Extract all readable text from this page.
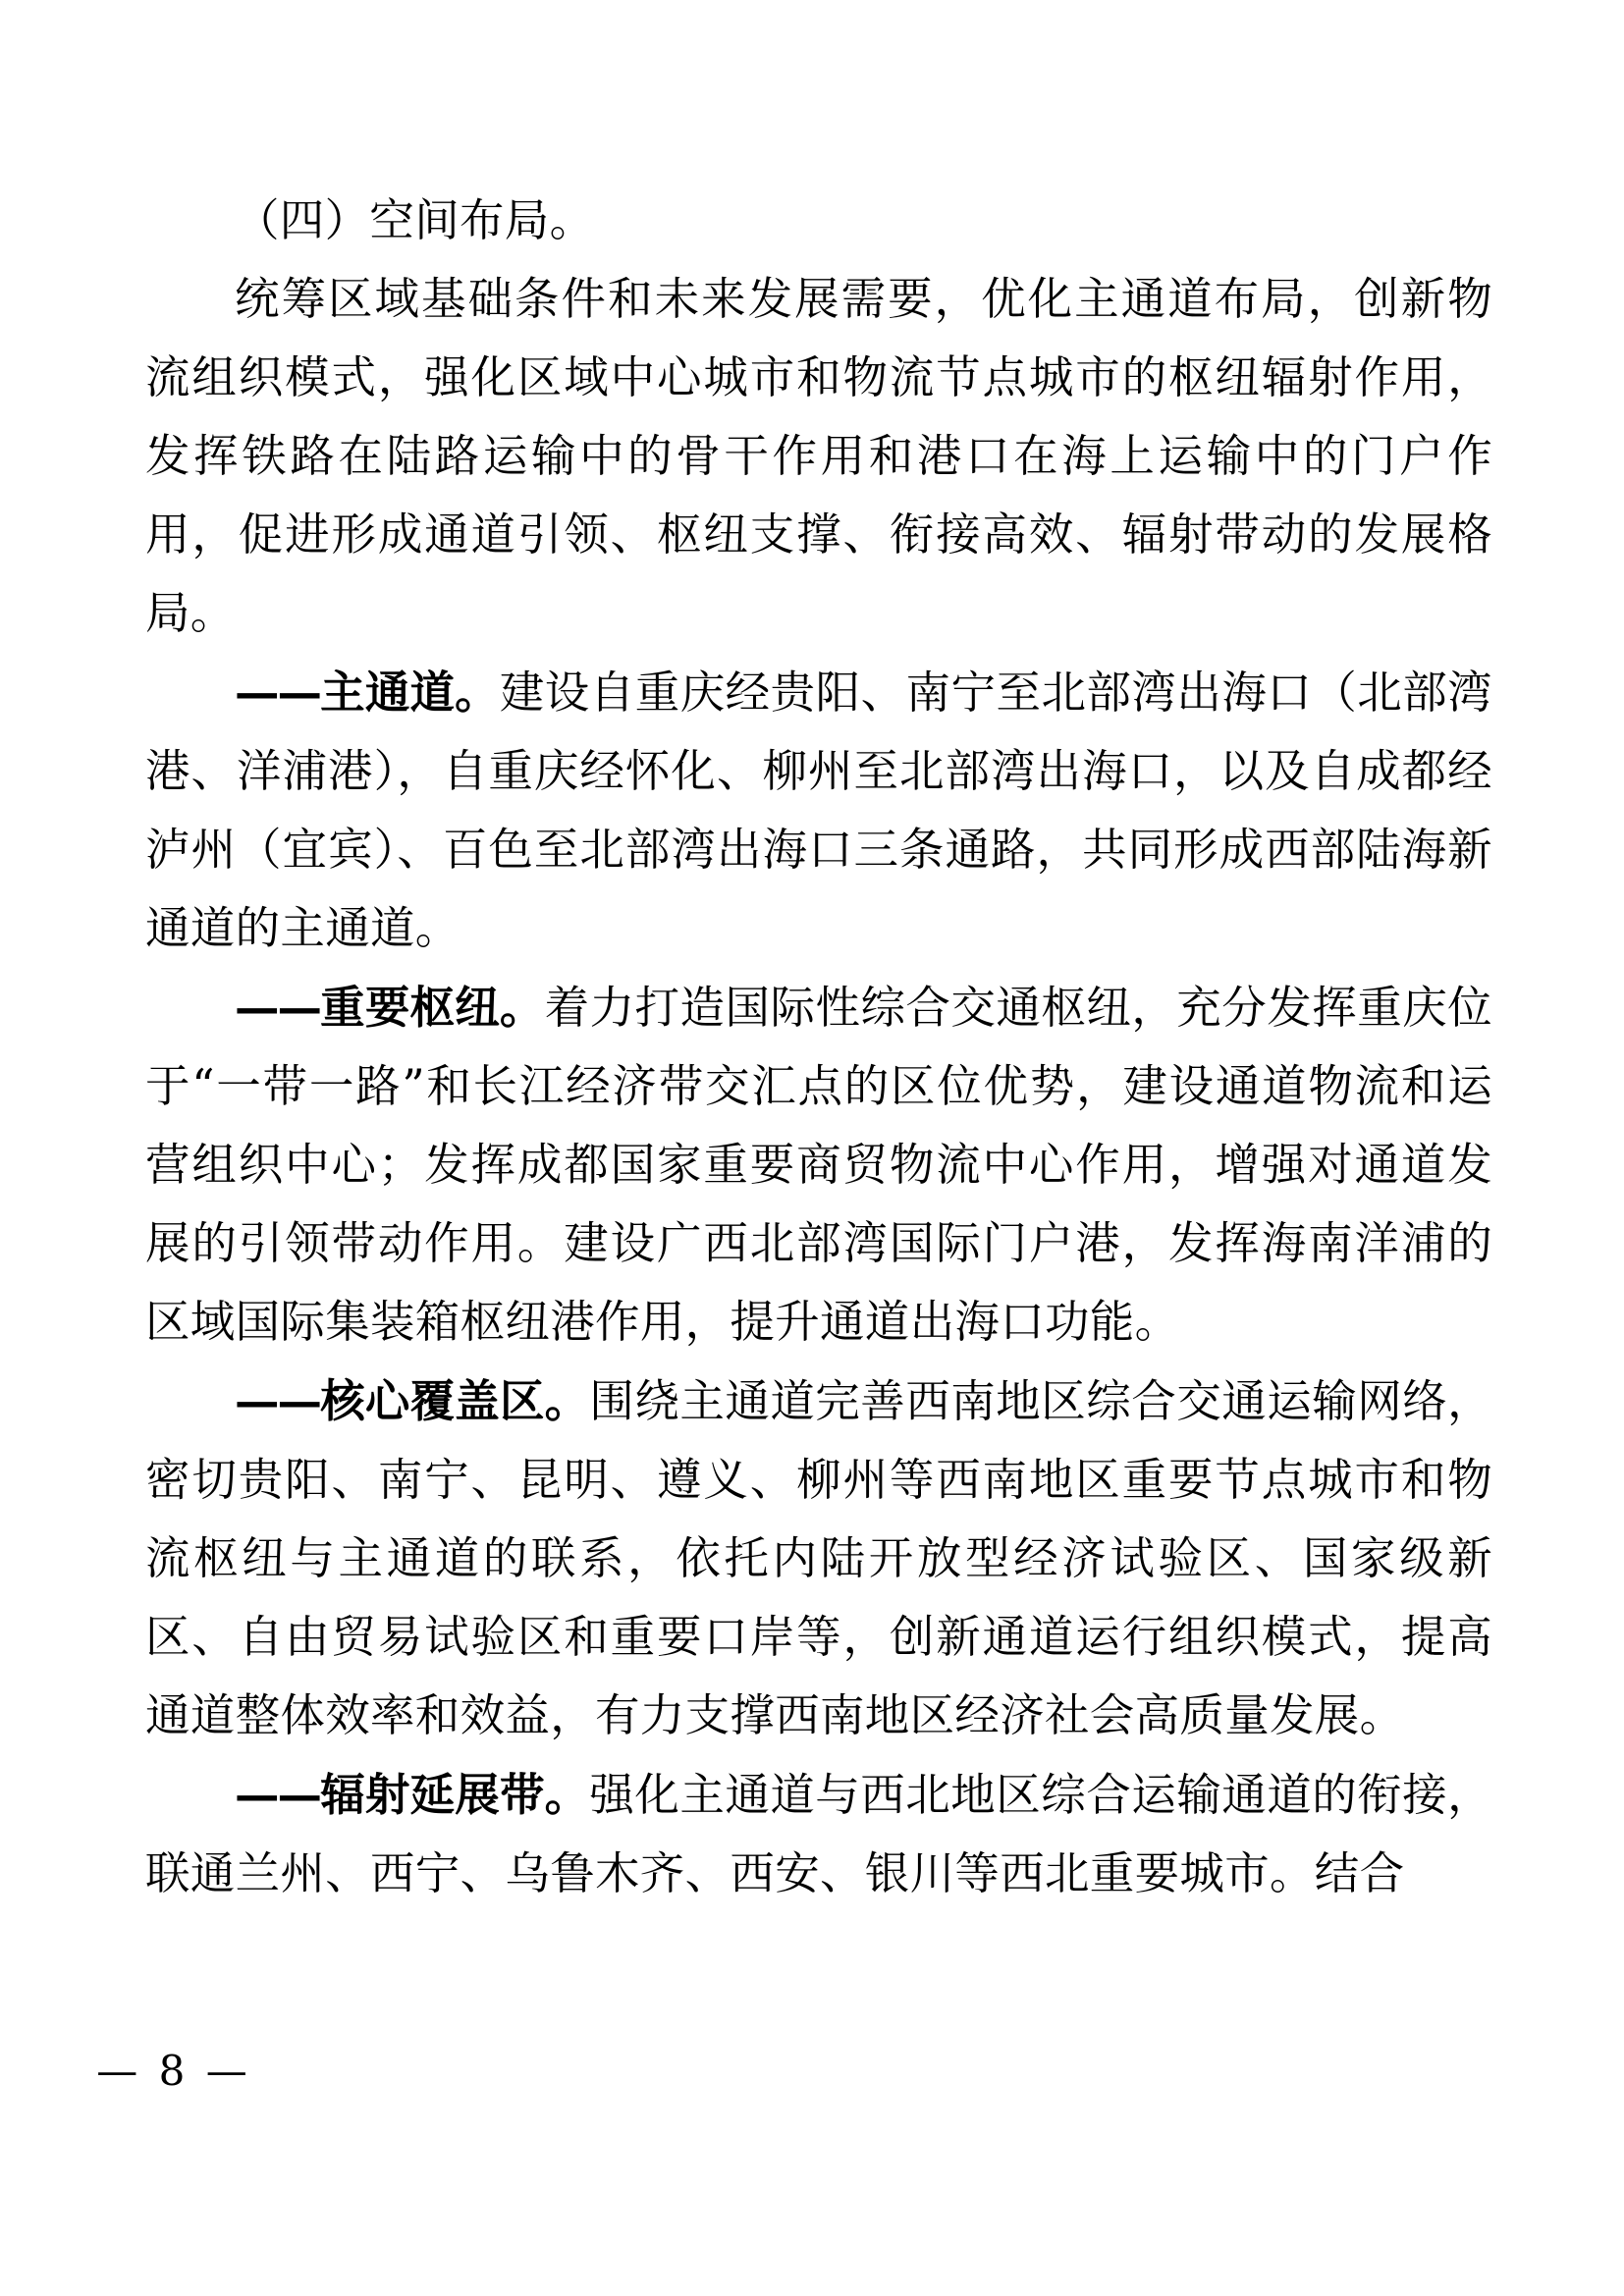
（四）空间布局。

统筹区域基础条件和未来发展需要，优化主通道布局，创新物流组织模式，强化区域中心城市和物流节点城市的枢纽辐射作用，发挥铁路在陆路运输中的骨干作用和港口在海上运输中的门户作用，促进形成通道引领、枢纽支撑、衔接高效、辐射带动的发展格局。

——主通道。建设自重庆经贵阳、南宁至北部湾出海口（北部湾港、洋浦港），自重庆经怀化、柳州至北部湾出海口，以及自成都经泸州（宜宾）、百色至北部湾出海口三条通路，共同形成西部陆海新通道的主通道。

——重要枢纽。着力打造国际性综合交通枢纽，充分发挥重庆位于“一带一路”和长江经济带交汇点的区位优势，建设通道物流和运营组织中心；发挥成都国家重要商贸物流中心作用，增强对通道发展的引领带动作用。建设广西北部湾国际门户港，发挥海南洋浦的区域国际集装箱枢纽港作用，提升通道出海口功能。

——核心覆盖区。围绕主通道完善西南地区综合交通运输网络，密切贵阳、南宁、昆明、遵义、柳州等西南地区重要节点城市和物流枢纽与主通道的联系，依托内陆开放型经济试验区、国家级新区、自由贸易试验区和重要口岸等，创新通道运行组织模式，提高通道整体效率和效益，有力支撑西南地区经济社会高质量发展。

——辐射延展带。强化主通道与西北地区综合运输通道的衔接，联通兰州、西宁、乌鲁木齐、西安、银川等西北重要城市。结合

— 8 —
